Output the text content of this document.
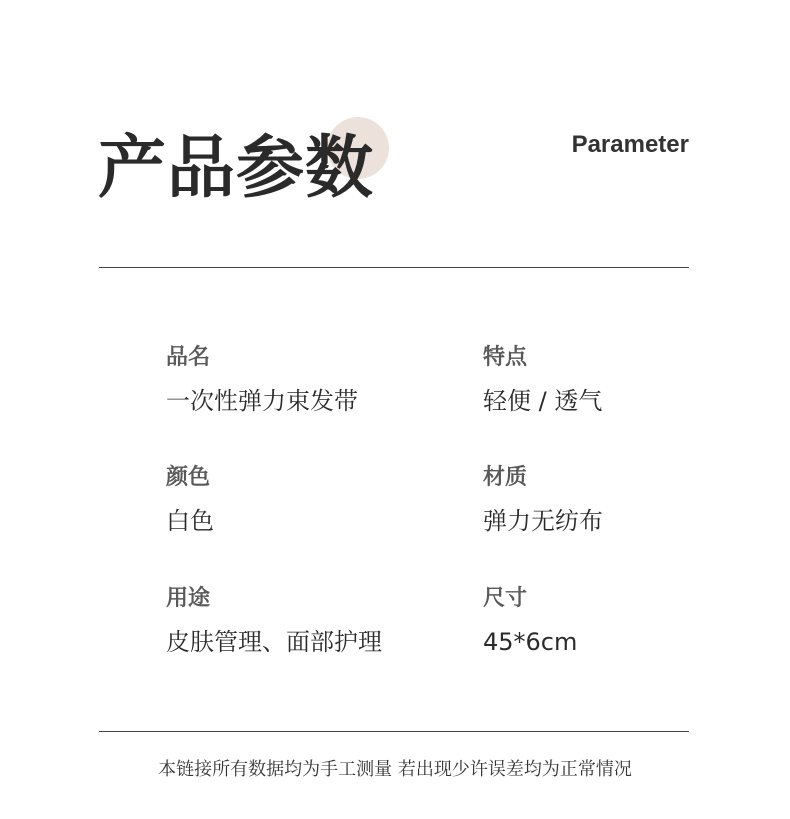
产品参数	Parameter
品名
一次性弹力束发带
特点
轻便 / 透气
颜色
白色
材质
弹力无纺布
用途
皮肤管理、面部护理
尺寸
45*6cm
本链接所有数据均为手工测量 若出现少许误差均为正常情况
